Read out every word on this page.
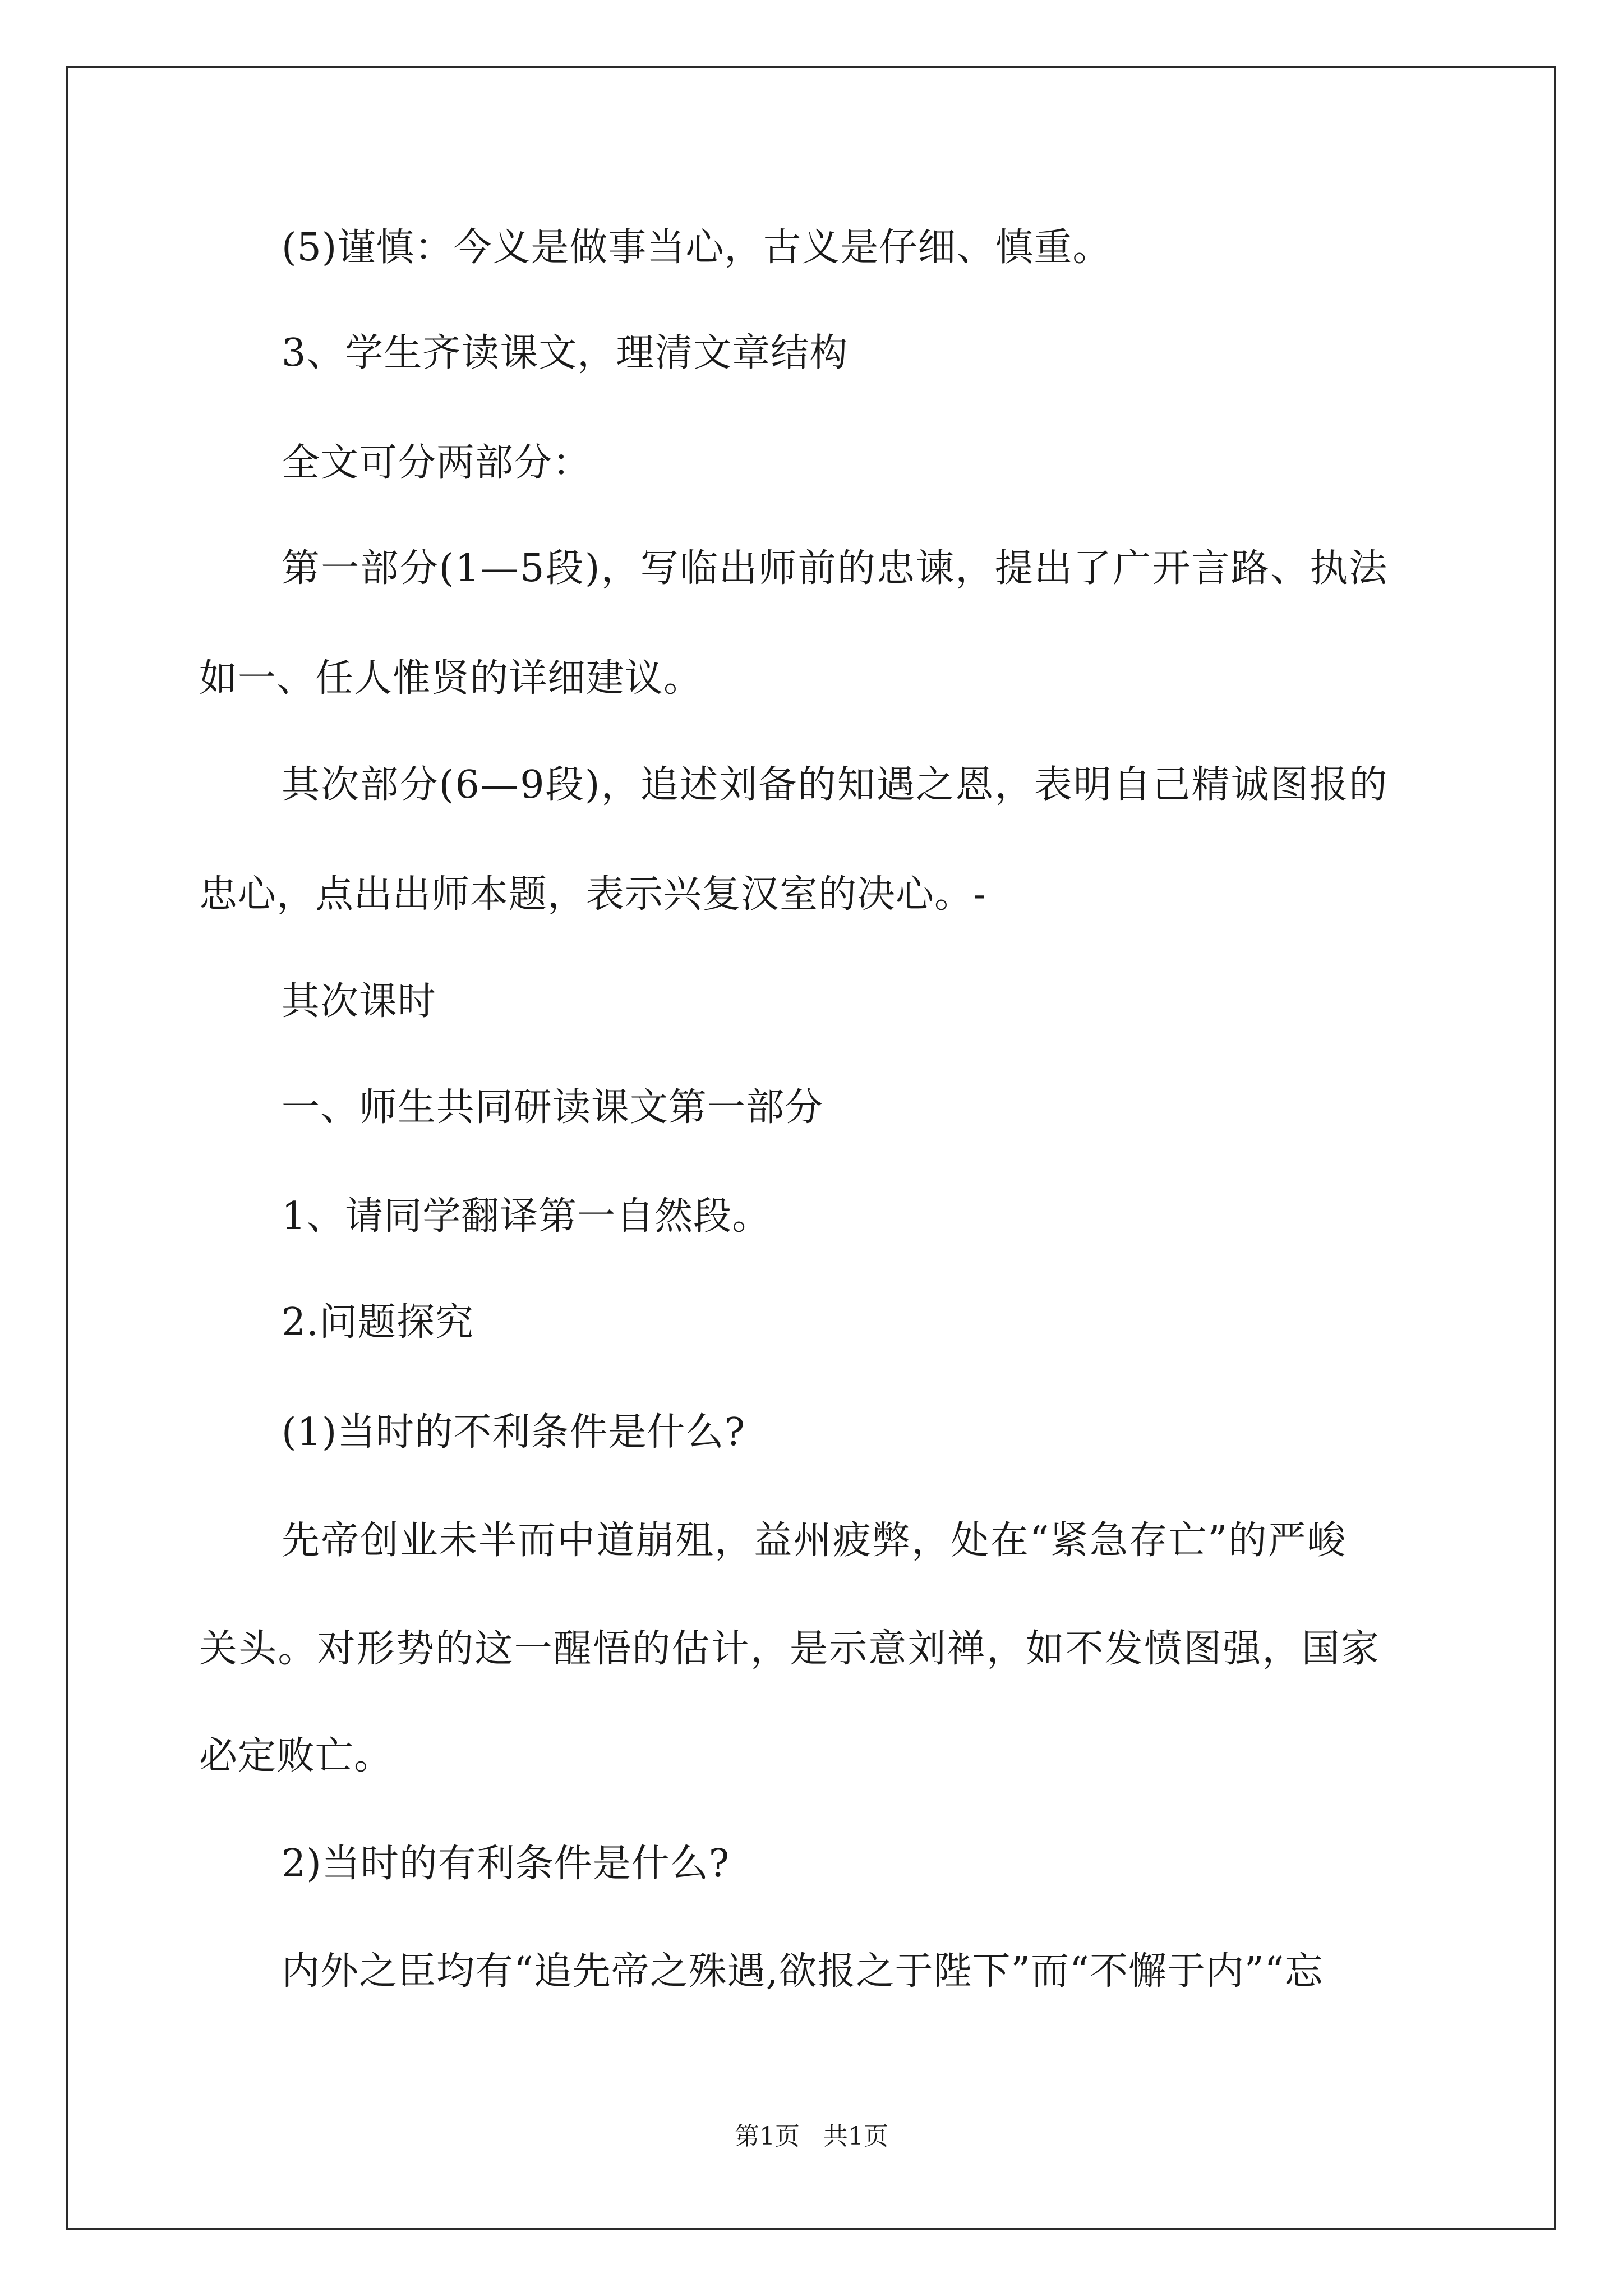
(5)谨慎：今义是做事当心，古义是仔细、慎重。

3、学生齐读课文，理清文章结构

全文可分两部分：

第一部分(1—5段)，写临出师前的忠谏，提出了广开言路、执法

如一、任人惟贤的详细建议。

其次部分(6—9段)，追述刘备的知遇之恩，表明自己精诚图报的

忠心，点出出师本题，表示兴复汉室的决心。-

其次课时

一、师生共同研读课文第一部分

1、请同学翻译第一自然段。

2.问题探究

(1)当时的不利条件是什么?

先帝创业未半而中道崩殂，益州疲弊，处在“紧急存亡”的严峻

关头。对形势的这一醒悟的估计，是示意刘禅，如不发愤图强，国家

必定败亡。

2)当时的有利条件是什么?

内外之臣均有“追先帝之殊遇,欲报之于陛下”而“不懈于内”“忘

第1页 共1页
